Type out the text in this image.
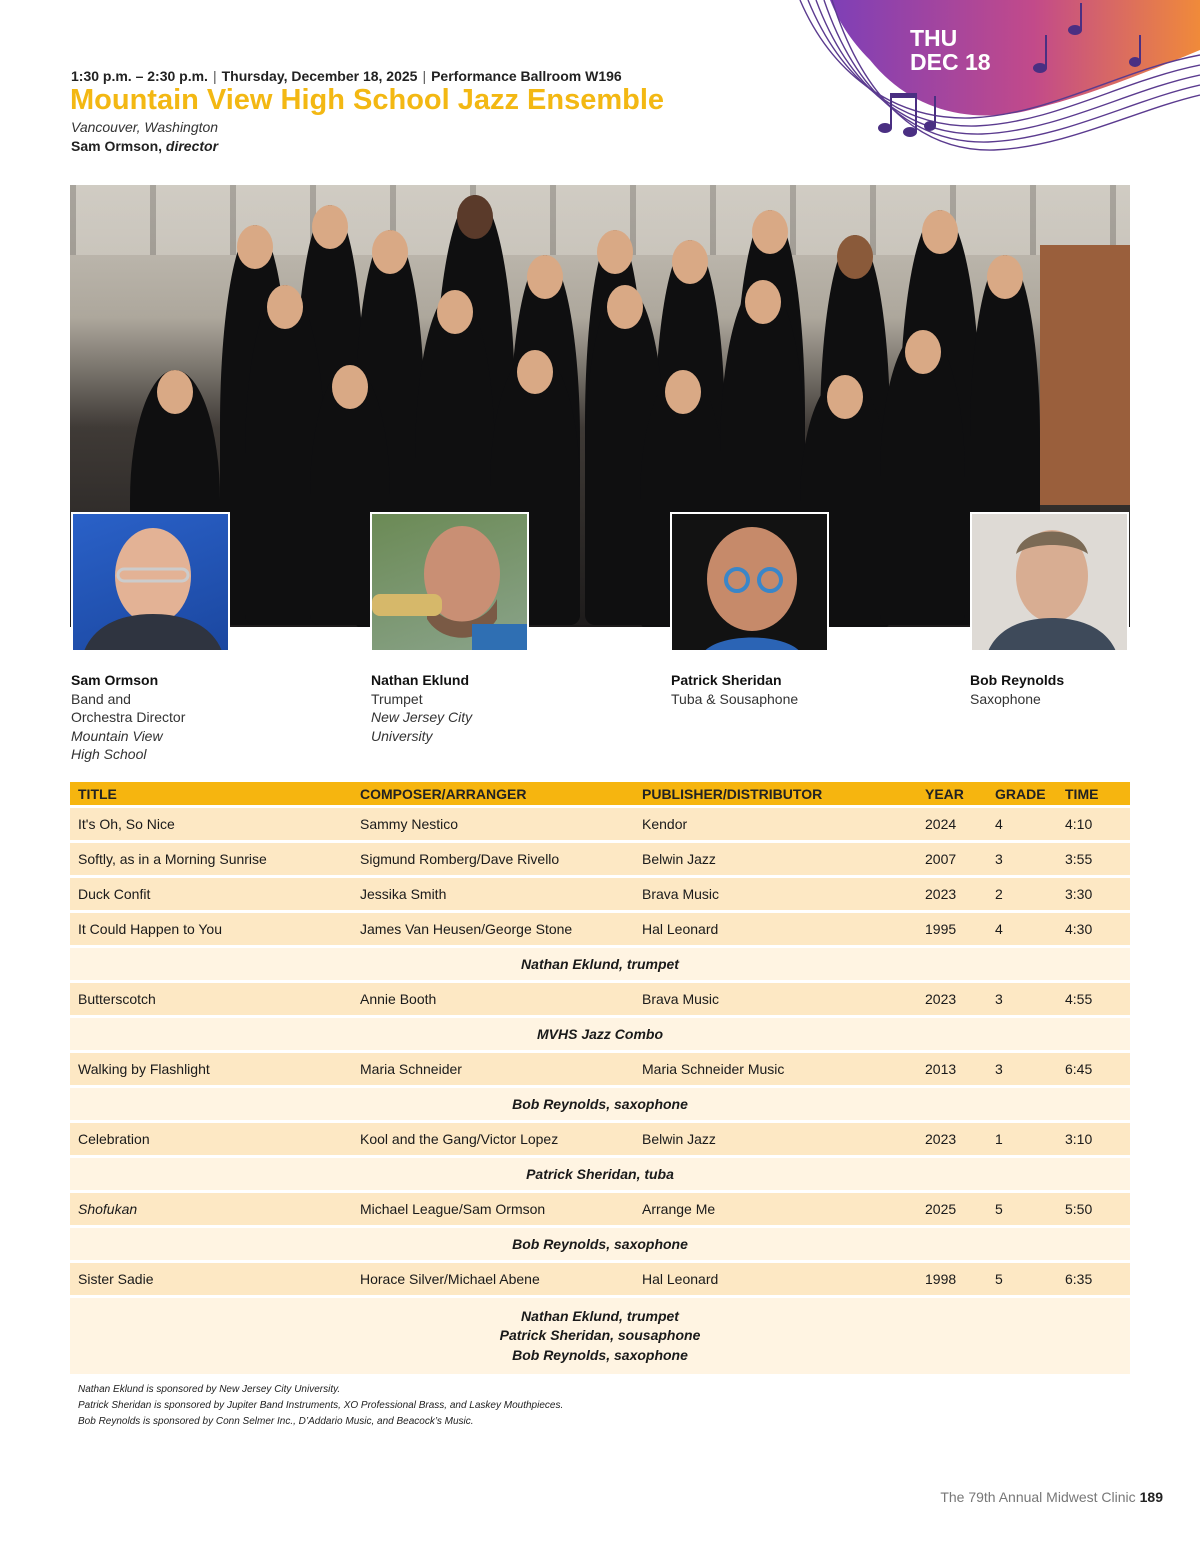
THU
DEC 18
1:30 p.m. – 2:30 p.m. | Thursday, December 18, 2025 | Performance Ballroom W196
Mountain View High School Jazz Ensemble
Vancouver, Washington
Sam Ormson, director
Sam Ormson
Band and
Orchestra Director
Mountain View
High School
Nathan Eklund
Trumpet
New Jersey City
University
Patrick Sheridan
Tuba & Sousaphone
Bob Reynolds
Saxophone
TITLE	COMPOSER/ARRANGER	PUBLISHER/DISTRIBUTOR	YEAR	GRADE	TIME
It's Oh, So Nice	Sammy Nestico	Kendor	2024	4	4:10
Softly, as in a Morning Sunrise	Sigmund Romberg/Dave Rivello	Belwin Jazz	2007	3	3:55
Duck Confit	Jessika Smith	Brava Music	2023	2	3:30
It Could Happen to You	James Van Heusen/George Stone	Hal Leonard	1995	4	4:30

Nathan Eklund, trumpet					

Butterscotch	Annie Booth	Brava Music	2023	3	4:55

MVHS Jazz Combo					

Walking by Flashlight	Maria Schneider	Maria Schneider Music	2013	3	6:45

Bob Reynolds, saxophone					

Celebration	Kool and the Gang/Victor Lopez	Belwin Jazz	2023	1	3:10

Patrick Sheridan, tuba					

Shofukan	Michael League/Sam Ormson	Arrange Me	2025	5	5:50

Bob Reynolds, saxophone					

Sister Sadie	Horace Silver/Michael Abene	Hal Leonard	1998	5	6:35

Nathan Eklund, trumpet
Patrick Sheridan, sousaphone
Bob Reynolds, saxophone					
Nathan Eklund is sponsored by New Jersey City University.
Patrick Sheridan is sponsored by Jupiter Band Instruments, XO Professional Brass, and Laskey Mouthpieces.
Bob Reynolds is sponsored by Conn Selmer Inc., D’Addario Music, and Beacock’s Music.
The 79th Annual Midwest Clinic 189
